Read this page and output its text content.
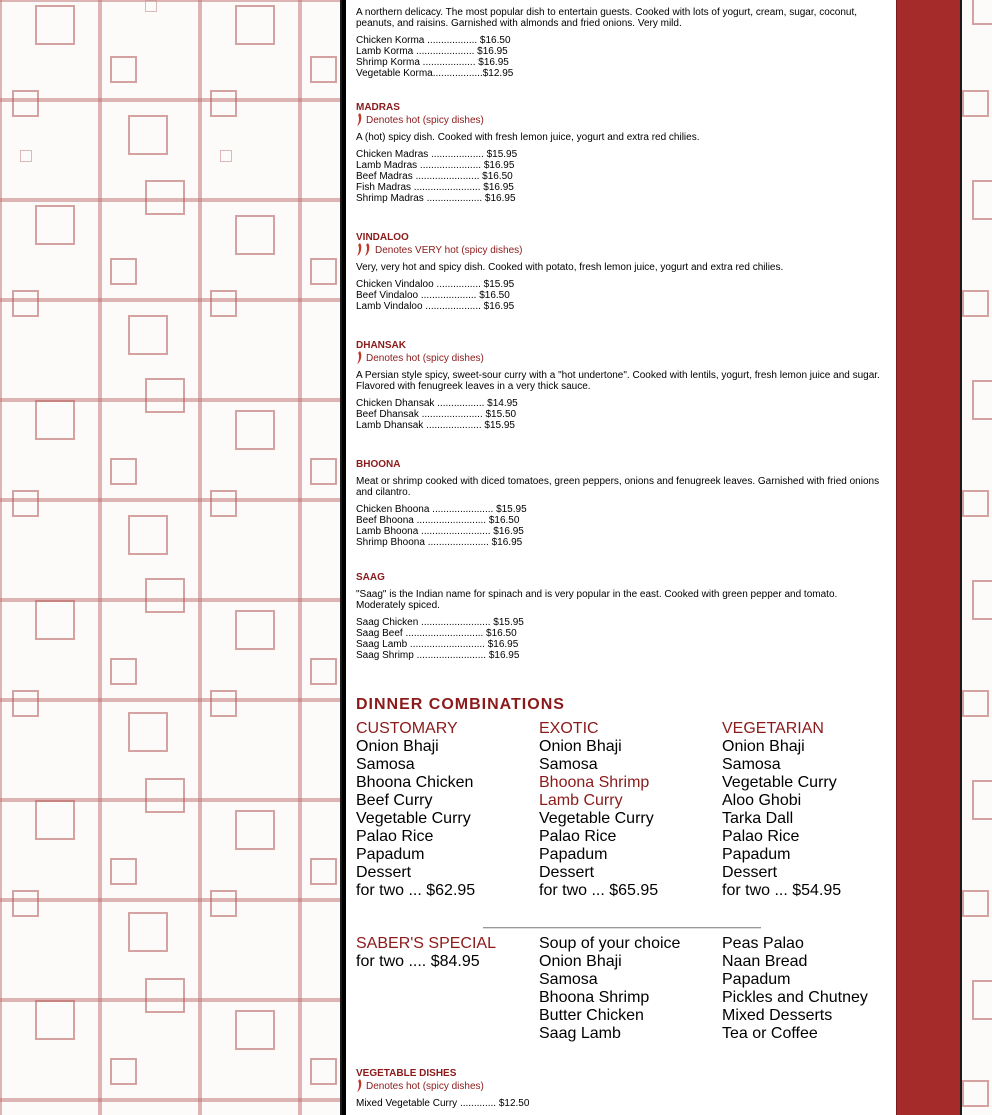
A northern delicacy. The most popular dish to entertain guests. Cooked with lots of yogurt, cream, sugar, coconut, peanuts, and raisins. Garnished with almonds and fried onions. Very mild.
Chicken Korma .................. $16.50
Lamb Korma ..................... $16.95
Shrimp Korma ................... $16.95
Vegetable Korma..................$12.95
MADRAS
Denotes hot (spicy dishes)
A (hot) spicy dish. Cooked with fresh lemon juice, yogurt and extra red chilies.
Chicken Madras ................... $15.95
Lamb Madras ...................... $16.95
Beef Madras ....................... $16.50
Fish Madras ........................ $16.95
Shrimp Madras .................... $16.95
VINDALOO
Denotes VERY hot (spicy dishes)
Very, very hot and spicy dish. Cooked with potato, fresh lemon juice, yogurt and extra red chilies.
Chicken Vindaloo ................ $15.95
Beef Vindaloo .................... $16.50
Lamb Vindaloo .................... $16.95
DHANSAK
Denotes hot (spicy dishes)
A Persian style spicy, sweet-sour curry with a "hot undertone". Cooked with lentils, yogurt, fresh lemon juice and sugar. Flavored with fenugreek leaves in a very thick sauce.
Chicken Dhansak ................. $14.95
Beef Dhansak ...................... $15.50
Lamb Dhansak .................... $15.95
BHOONA
Meat or shrimp cooked with diced tomatoes, green peppers, onions and fenugreek leaves. Garnished with fried onions and cilantro.
Chicken Bhoona ...................... $15.95
Beef Bhoona ......................... $16.50
Lamb Bhoona ......................... $16.95
Shrimp Bhoona ...................... $16.95
SAAG
"Saag" is the Indian name for spinach and is very popular in the east. Cooked with green pepper and tomato. Moderately spiced.
Saag Chicken ......................... $15.95
Saag Beef ............................ $16.50
Saag Lamb ........................... $16.95
Saag Shrimp ......................... $16.95
DINNER COMBINATIONS
CUSTOMARY
Onion Bhaji
Samosa
Bhoona Chicken
Beef Curry
Vegetable Curry
Palao Rice
Papadum
Dessert
for two ... $62.95
EXOTIC
Onion Bhaji
Samosa
Bhoona Shrimp
Lamb Curry
Vegetable Curry
Palao Rice
Papadum
Dessert
for two ... $65.95
VEGETARIAN
Onion Bhaji
Samosa
Vegetable Curry
Aloo Ghobi
Tarka Dall
Palao Rice
Papadum
Dessert
for two ... $54.95
SABER'S SPECIAL
for two .... $84.95
Soup of your choice
Onion Bhaji
Samosa
Bhoona Shrimp
Butter Chicken
Saag Lamb
Peas Palao
Naan Bread
Papadum
Pickles and Chutney
Mixed Desserts
Tea or Coffee
VEGETABLE DISHES
Denotes hot (spicy dishes)
Mixed Vegetable Curry ............. $12.50
